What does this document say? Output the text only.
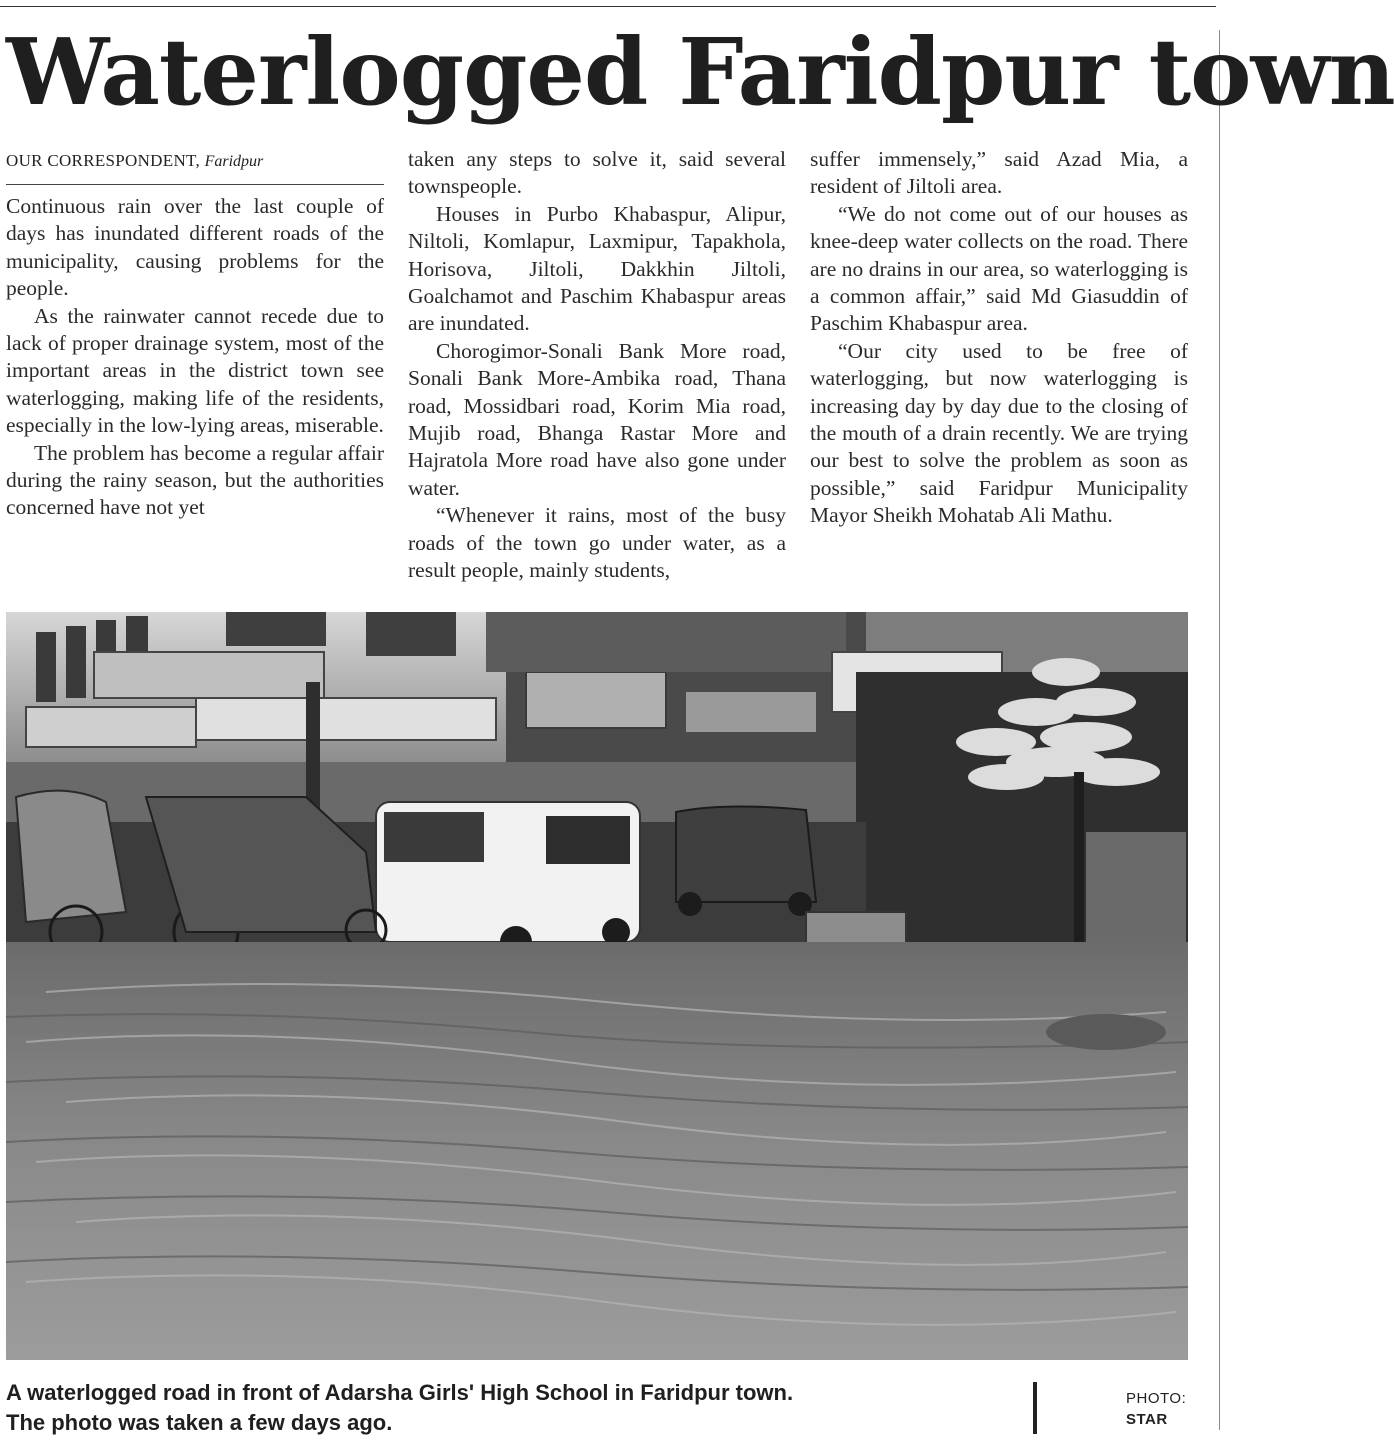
Waterlogged Faridpur town
OUR CORRESPONDENT, Faridpur

Continuous rain over the last couple of days has inundated different roads of the municipality, causing problems for the people.

As the rainwater cannot recede due to lack of proper drainage system, most of the important areas in the district town see waterlogging, making life of the residents, especially in the low-lying areas, miserable.

The problem has become a regular affair during the rainy season, but the authorities concerned have not yet

taken any steps to solve it, said several townspeople.

Houses in Purbo Khabaspur, Alipur, Niltoli, Komlapur, Laxmipur, Tapakhola, Horisova, Jiltoli, Dakkhin Jiltoli, Goalchamot and Paschim Khabaspur areas are inundated.

Chorogimor-Sonali Bank More road, Sonali Bank More-Ambika road, Thana road, Mossidbari road, Korim Mia road, Mujib road, Bhanga Rastar More and Hajratola More road have also gone under water.

“Whenever it rains, most of the busy roads of the town go under water, as a result people, mainly students,

suffer immensely,” said Azad Mia, a resident of Jiltoli area.

“We do not come out of our houses as knee-deep water collects on the road. There are no drains in our area, so waterlogging is a common affair,” said Md Giasuddin of Paschim Khabaspur area.

“Our city used to be free of waterlogging, but now waterlogging is increasing day by day due to the closing of the mouth of a drain recently. We are trying our best to solve the problem as soon as possible,” said Faridpur Municipality Mayor Sheikh Mohatab Ali Mathu.

A waterlogged road in front of Adarsha Girls' High School in Faridpur town.
The photo was taken a few days ago.
PHOTO:
STAR
